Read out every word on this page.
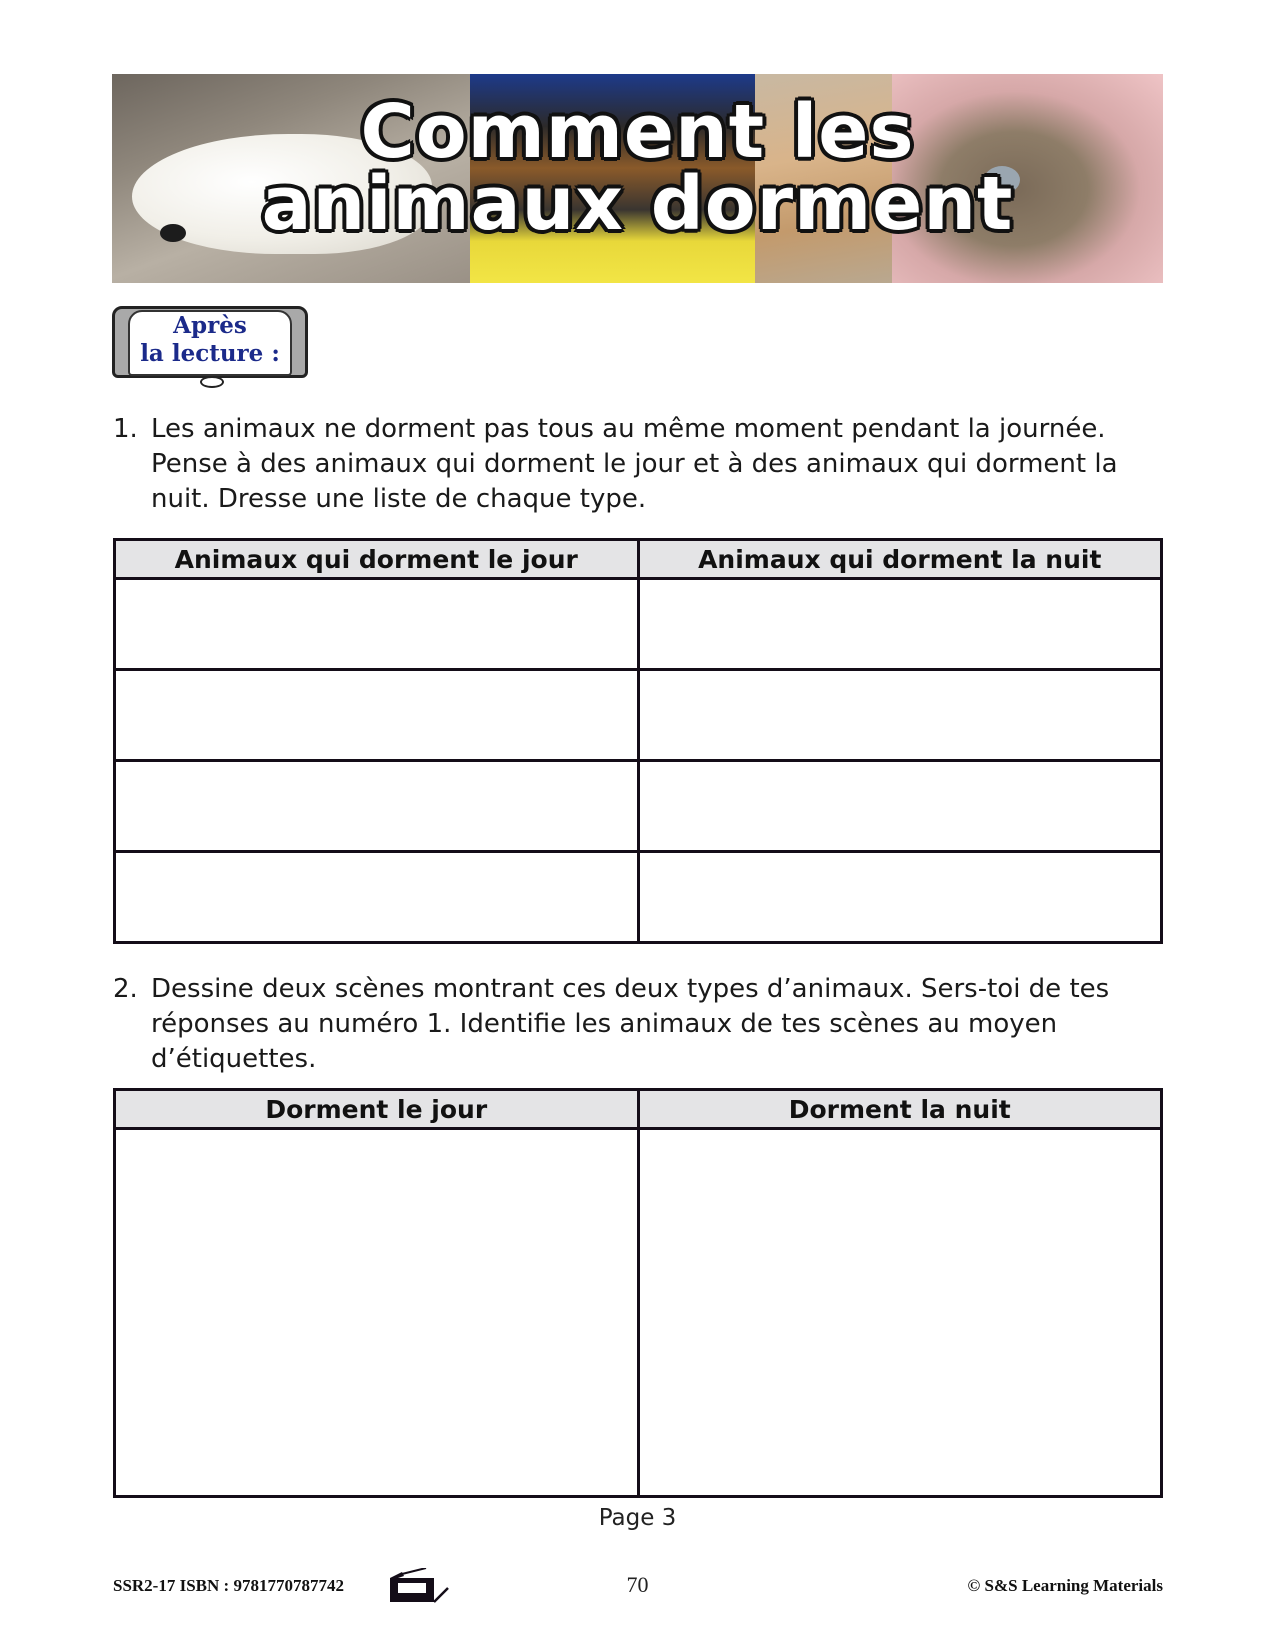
Comment les
animaux dorment
Après
la lecture :
1. Les animaux ne dorment pas tous au même moment pendant la journée. Pense à des animaux qui dorment le jour et à des animaux qui dorment la nuit. Dresse une liste de chaque type.
Animaux qui dorment le jour	Animaux qui dorment la nuit

2. Dessine deux scènes montrant ces deux types d’animaux. Sers-toi de tes réponses au numéro 1. Identifie les animaux de tes scènes au moyen d’étiquettes.
Dorment le jour	Dorment la nuit

Page 3
SSR2-17 ISBN : 9781770787742	70	© S&S Learning Materials
